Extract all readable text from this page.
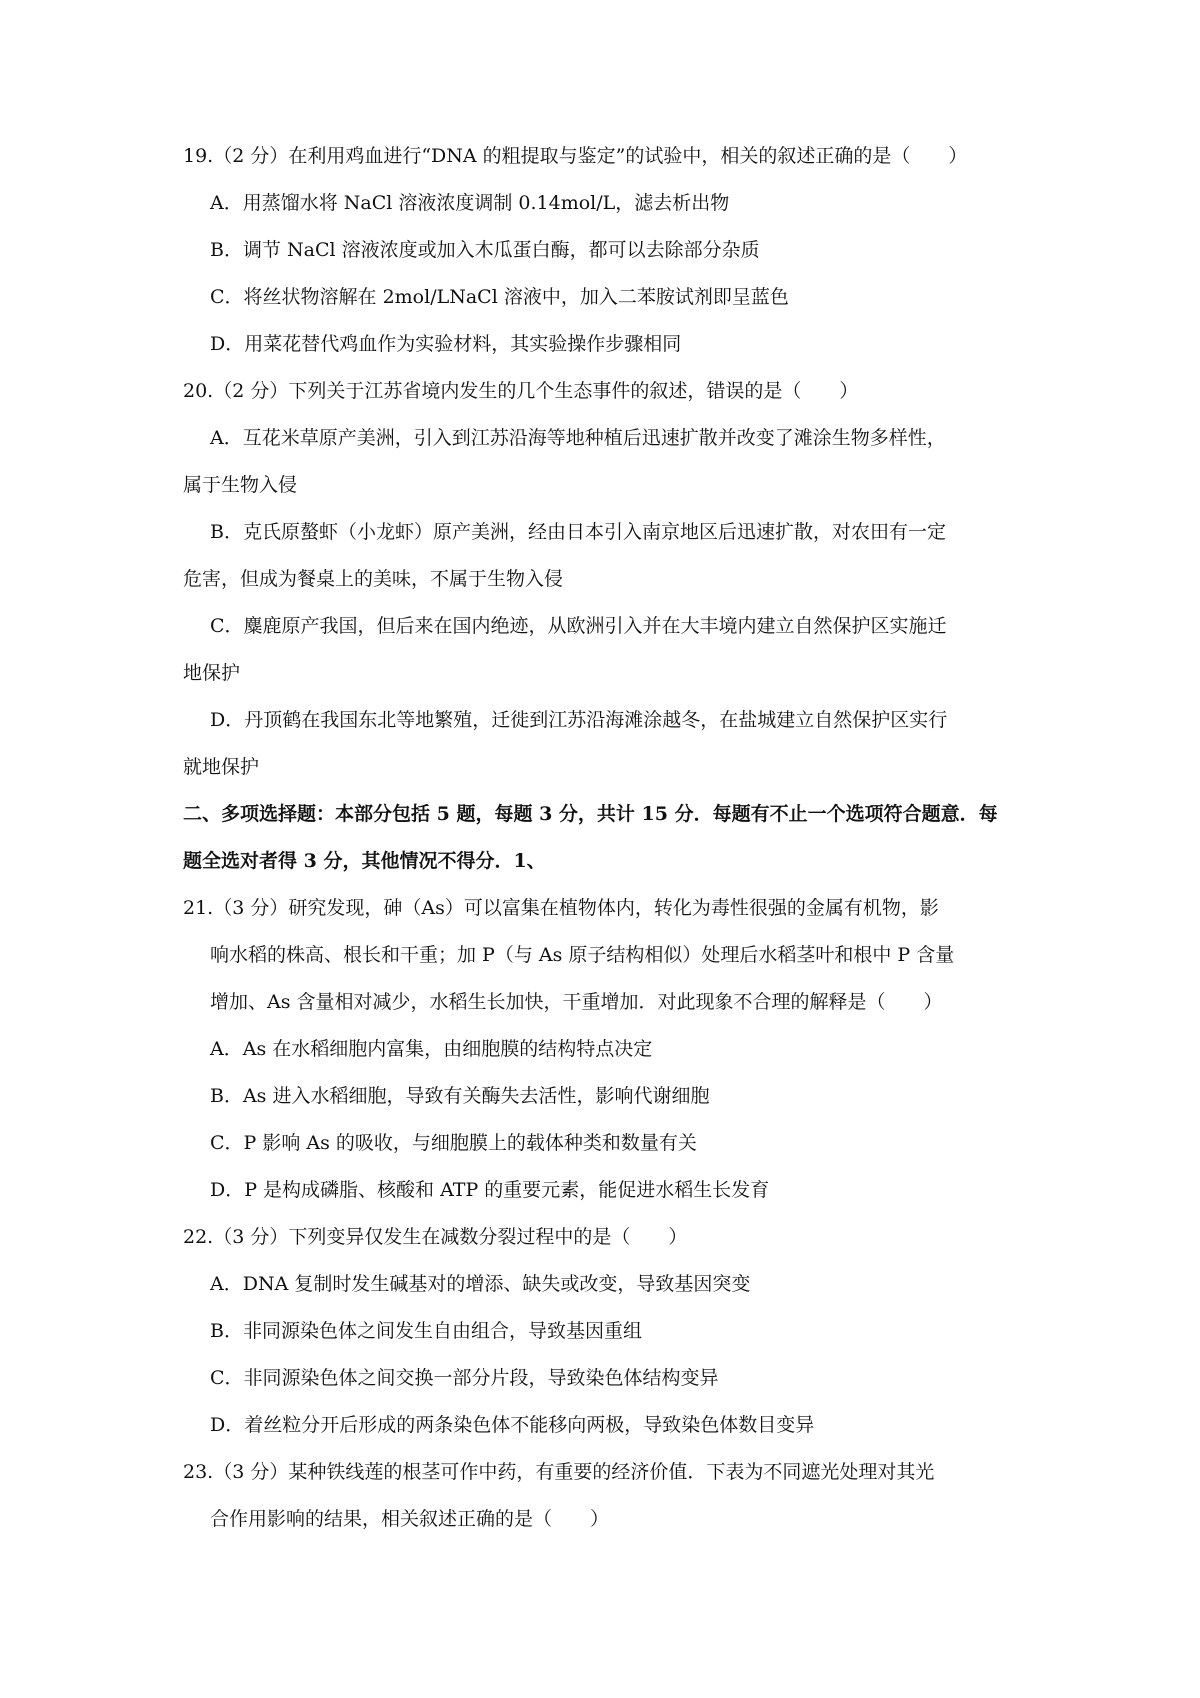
19.（2 分）在利用鸡血进行“DNA 的粗提取与鉴定”的试验中，相关的叙述正确的是（　　）
A．用蒸馏水将 NaCl 溶液浓度调制 0.14mol/L，滤去析出物
B．调节 NaCl 溶液浓度或加入木瓜蛋白酶，都可以去除部分杂质
C．将丝状物溶解在 2mol/LNaCl 溶液中，加入二苯胺试剂即呈蓝色
D．用菜花替代鸡血作为实验材料，其实验操作步骤相同
20.（2 分）下列关于江苏省境内发生的几个生态事件的叙述，错误的是（　　）
A．互花米草原产美洲，引入到江苏沿海等地种植后迅速扩散并改变了滩涂生物多样性，
属于生物入侵
B．克氏原螯虾（小龙虾）原产美洲，经由日本引入南京地区后迅速扩散，对农田有一定
危害，但成为餐桌上的美味，不属于生物入侵
C．麋鹿原产我国，但后来在国内绝迹，从欧洲引入并在大丰境内建立自然保护区实施迁
地保护
D．丹顶鹤在我国东北等地繁殖，迁徙到江苏沿海滩涂越冬，在盐城建立自然保护区实行
就地保护
二、多项选择题：本部分包括 5 题，每题 3 分，共计 15 分．每题有不止一个选项符合题意．每
题全选对者得 3 分，其他情况不得分．1、
21.（3 分）研究发现，砷（As）可以富集在植物体内，转化为毒性很强的金属有机物，影
响水稻的株高、根长和干重；加 P（与 As 原子结构相似）处理后水稻茎叶和根中 P 含量
增加、As 含量相对减少，水稻生长加快，干重增加．对此现象不合理的解释是（　　）
A．As 在水稻细胞内富集，由细胞膜的结构特点决定
B．As 进入水稻细胞，导致有关酶失去活性，影响代谢细胞
C．P 影响 As 的吸收，与细胞膜上的载体种类和数量有关
D．P 是构成磷脂、核酸和 ATP 的重要元素，能促进水稻生长发育
22.（3 分）下列变异仅发生在减数分裂过程中的是（　　）
A．DNA 复制时发生碱基对的增添、缺失或改变，导致基因突变
B．非同源染色体之间发生自由组合，导致基因重组
C．非同源染色体之间交换一部分片段，导致染色体结构变异
D．着丝粒分开后形成的两条染色体不能移向两极，导致染色体数目变异
23.（3 分）某种铁线莲的根茎可作中药，有重要的经济价值．下表为不同遮光处理对其光
合作用影响的结果，相关叙述正确的是（　　）
